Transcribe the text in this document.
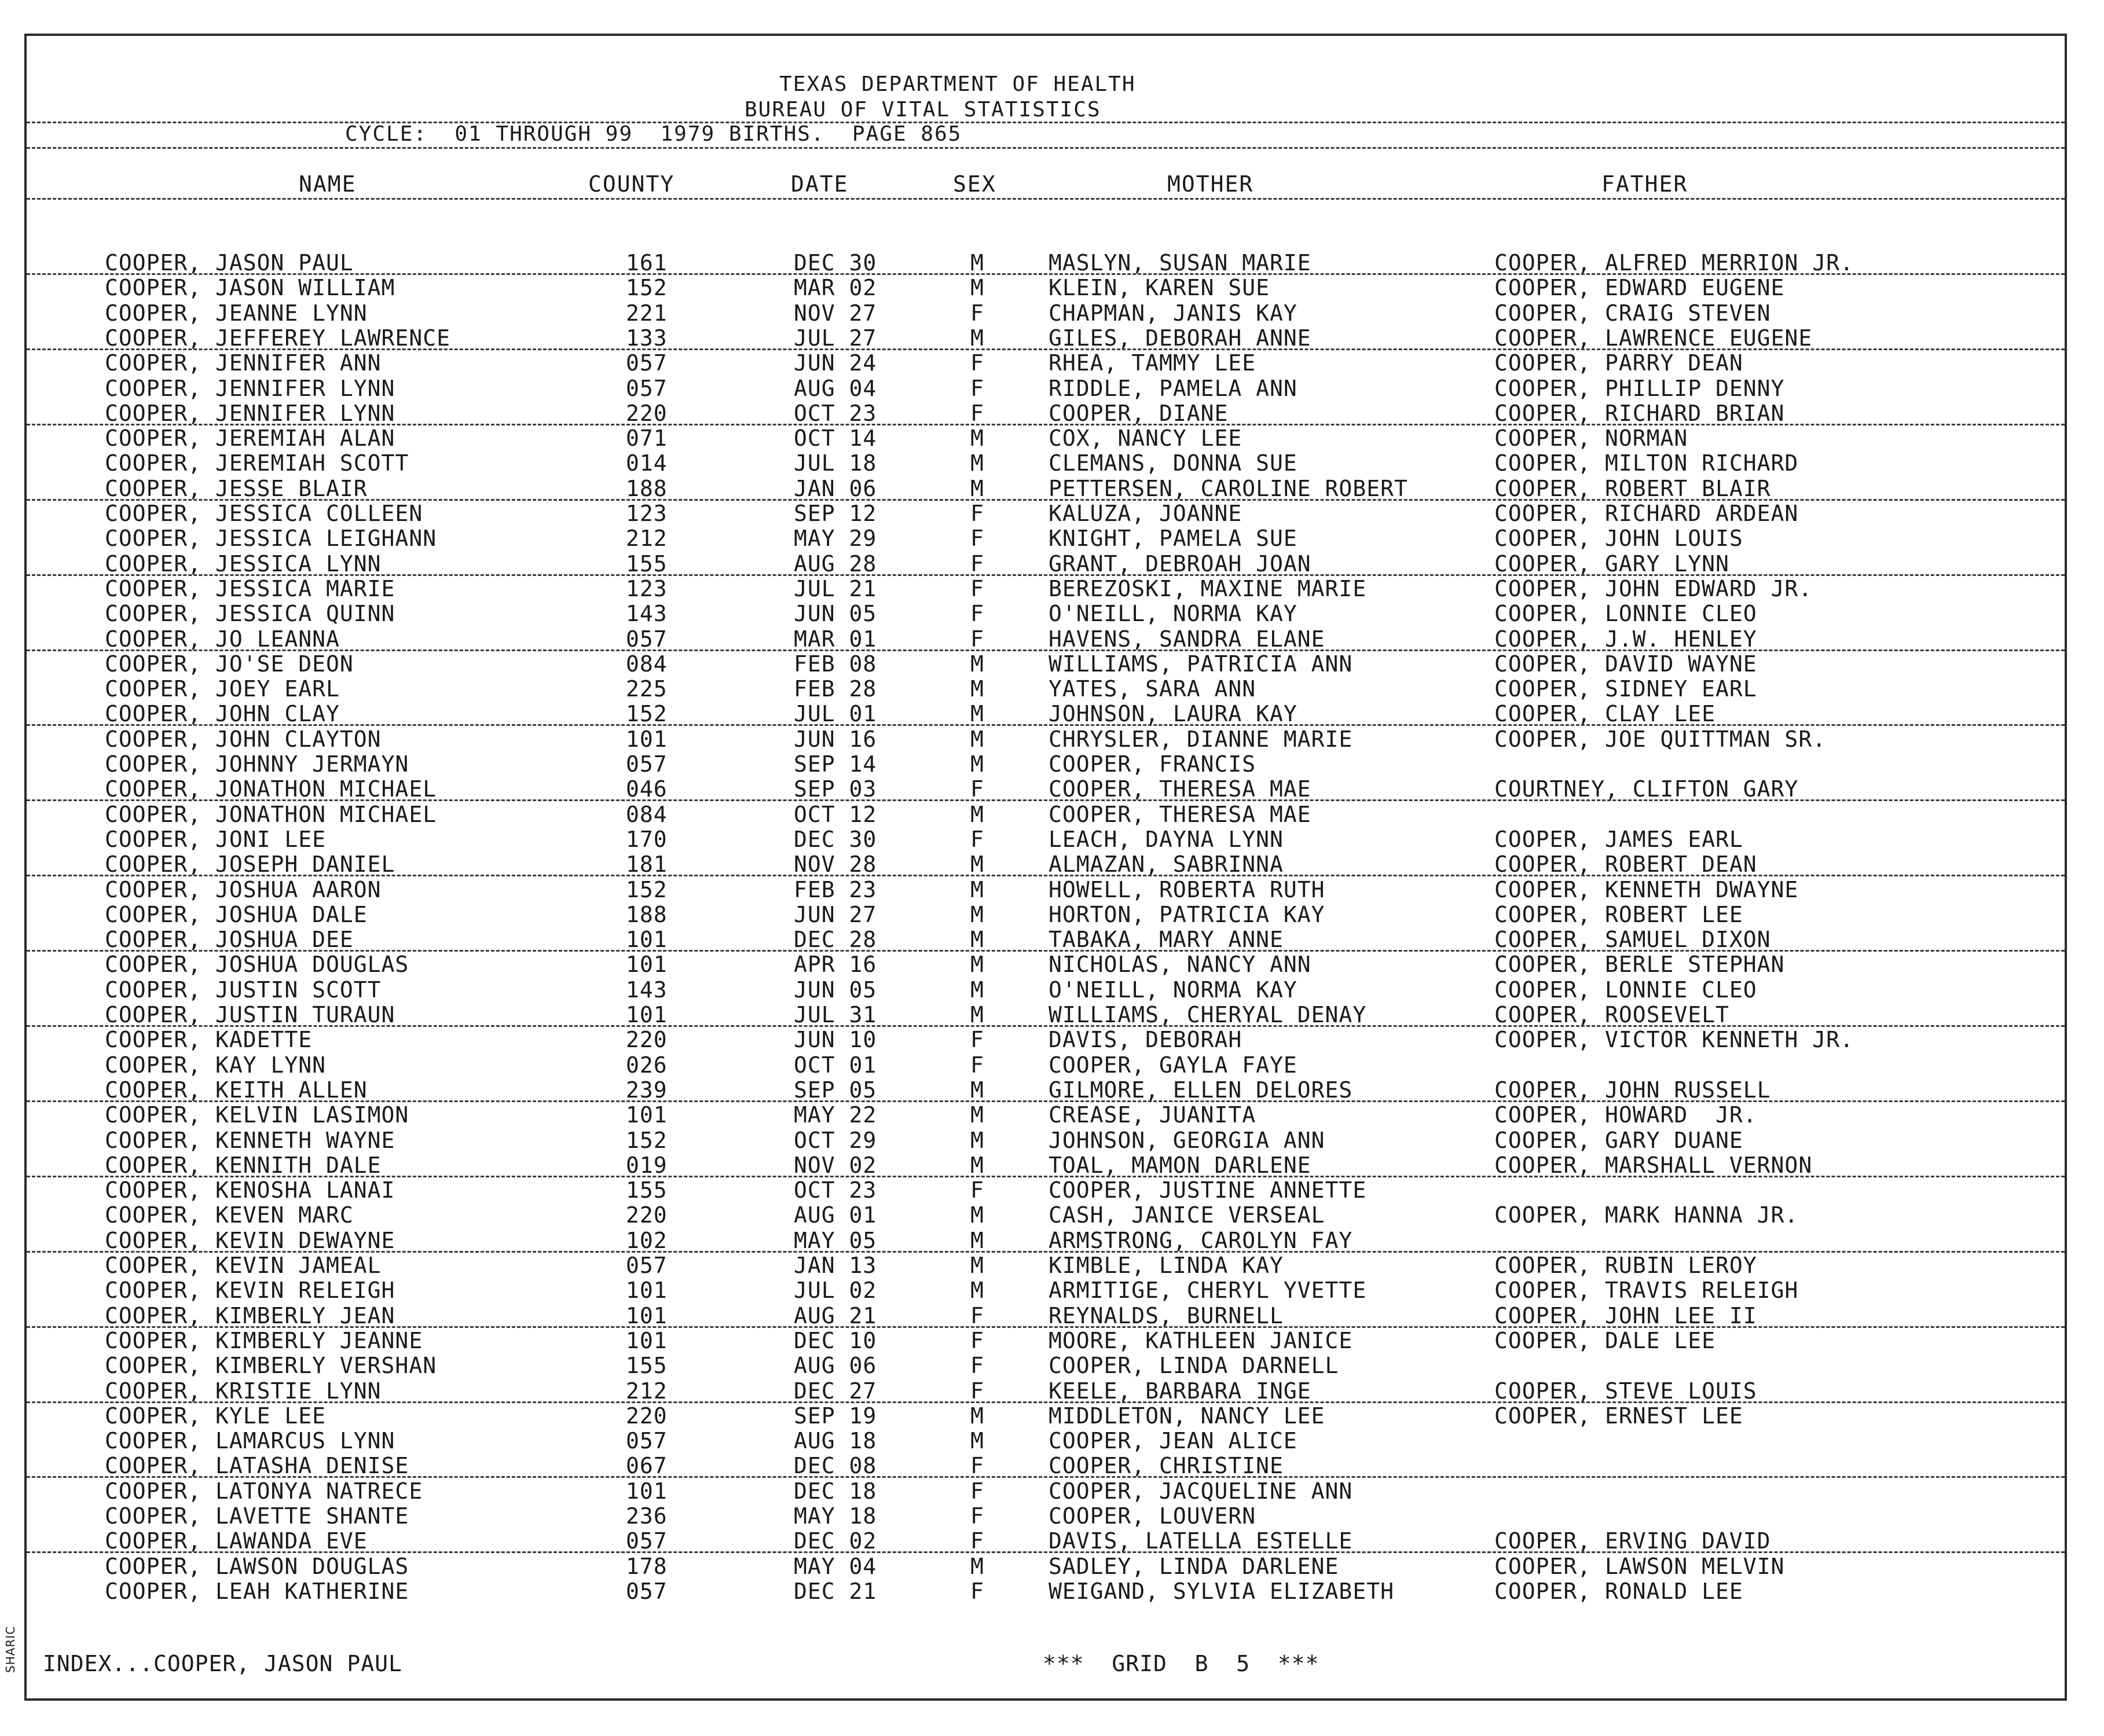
TEXAS DEPARTMENT OF HEALTH
BUREAU OF VITAL STATISTICS
CYCLE:  01 THROUGH 99  1979 BIRTHS.  PAGE 865
NAME	COUNTY	DATE	SEX	MOTHER	FATHER
COOPER, JASON PAUL	161	DEC 30	M	MASLYN, SUSAN MARIE	COOPER, ALFRED MERRION JR.
COOPER, JASON WILLIAM	152	MAR 02	M	KLEIN, KAREN SUE	COOPER, EDWARD EUGENE
COOPER, JEANNE LYNN	221	NOV 27	F	CHAPMAN, JANIS KAY	COOPER, CRAIG STEVEN
COOPER, JEFFEREY LAWRENCE	133	JUL 27	M	GILES, DEBORAH ANNE	COOPER, LAWRENCE EUGENE
COOPER, JENNIFER ANN	057	JUN 24	F	RHEA, TAMMY LEE	COOPER, PARRY DEAN
COOPER, JENNIFER LYNN	057	AUG 04	F	RIDDLE, PAMELA ANN	COOPER, PHILLIP DENNY
COOPER, JENNIFER LYNN	220	OCT 23	F	COOPER, DIANE	COOPER, RICHARD BRIAN
COOPER, JEREMIAH ALAN	071	OCT 14	M	COX, NANCY LEE	COOPER, NORMAN
COOPER, JEREMIAH SCOTT	014	JUL 18	M	CLEMANS, DONNA SUE	COOPER, MILTON RICHARD
COOPER, JESSE BLAIR	188	JAN 06	M	PETTERSEN, CAROLINE ROBERT	COOPER, ROBERT BLAIR
COOPER, JESSICA COLLEEN	123	SEP 12	F	KALUZA, JOANNE	COOPER, RICHARD ARDEAN
COOPER, JESSICA LEIGHANN	212	MAY 29	F	KNIGHT, PAMELA SUE	COOPER, JOHN LOUIS
COOPER, JESSICA LYNN	155	AUG 28	F	GRANT, DEBROAH JOAN	COOPER, GARY LYNN
COOPER, JESSICA MARIE	123	JUL 21	F	BEREZOSKI, MAXINE MARIE	COOPER, JOHN EDWARD JR.
COOPER, JESSICA QUINN	143	JUN 05	F	O'NEILL, NORMA KAY	COOPER, LONNIE CLEO
COOPER, JO LEANNA	057	MAR 01	F	HAVENS, SANDRA ELANE	COOPER, J.W. HENLEY
COOPER, JO'SE DEON	084	FEB 08	M	WILLIAMS, PATRICIA ANN	COOPER, DAVID WAYNE
COOPER, JOEY EARL	225	FEB 28	M	YATES, SARA ANN	COOPER, SIDNEY EARL
COOPER, JOHN CLAY	152	JUL 01	M	JOHNSON, LAURA KAY	COOPER, CLAY LEE
COOPER, JOHN CLAYTON	101	JUN 16	M	CHRYSLER, DIANNE MARIE	COOPER, JOE QUITTMAN SR.
COOPER, JOHNNY JERMAYN	057	SEP 14	M	COOPER, FRANCIS
COOPER, JONATHON MICHAEL	046	SEP 03	F	COOPER, THERESA MAE	COURTNEY, CLIFTON GARY
COOPER, JONATHON MICHAEL	084	OCT 12	M	COOPER, THERESA MAE
COOPER, JONI LEE	170	DEC 30	F	LEACH, DAYNA LYNN	COOPER, JAMES EARL
COOPER, JOSEPH DANIEL	181	NOV 28	M	ALMAZAN, SABRINNA	COOPER, ROBERT DEAN
COOPER, JOSHUA AARON	152	FEB 23	M	HOWELL, ROBERTA RUTH	COOPER, KENNETH DWAYNE
COOPER, JOSHUA DALE	188	JUN 27	M	HORTON, PATRICIA KAY	COOPER, ROBERT LEE
COOPER, JOSHUA DEE	101	DEC 28	M	TABAKA, MARY ANNE	COOPER, SAMUEL DIXON
COOPER, JOSHUA DOUGLAS	101	APR 16	M	NICHOLAS, NANCY ANN	COOPER, BERLE STEPHAN
COOPER, JUSTIN SCOTT	143	JUN 05	M	O'NEILL, NORMA KAY	COOPER, LONNIE CLEO
COOPER, JUSTIN TURAUN	101	JUL 31	M	WILLIAMS, CHERYAL DENAY	COOPER, ROOSEVELT
COOPER, KADETTE	220	JUN 10	F	DAVIS, DEBORAH	COOPER, VICTOR KENNETH JR.
COOPER, KAY LYNN	026	OCT 01	F	COOPER, GAYLA FAYE
COOPER, KEITH ALLEN	239	SEP 05	M	GILMORE, ELLEN DELORES	COOPER, JOHN RUSSELL
COOPER, KELVIN LASIMON	101	MAY 22	M	CREASE, JUANITA	COOPER, HOWARD  JR.
COOPER, KENNETH WAYNE	152	OCT 29	M	JOHNSON, GEORGIA ANN	COOPER, GARY DUANE
COOPER, KENNITH DALE	019	NOV 02	M	TOAL, MAMON DARLENE	COOPER, MARSHALL VERNON
COOPER, KENOSHA LANAI	155	OCT 23	F	COOPER, JUSTINE ANNETTE
COOPER, KEVEN MARC	220	AUG 01	M	CASH, JANICE VERSEAL	COOPER, MARK HANNA JR.
COOPER, KEVIN DEWAYNE	102	MAY 05	M	ARMSTRONG, CAROLYN FAY
COOPER, KEVIN JAMEAL	057	JAN 13	M	KIMBLE, LINDA KAY	COOPER, RUBIN LEROY
COOPER, KEVIN RELEIGH	101	JUL 02	M	ARMITIGE, CHERYL YVETTE	COOPER, TRAVIS RELEIGH
COOPER, KIMBERLY JEAN	101	AUG 21	F	REYNALDS, BURNELL	COOPER, JOHN LEE II
COOPER, KIMBERLY JEANNE	101	DEC 10	F	MOORE, KATHLEEN JANICE	COOPER, DALE LEE
COOPER, KIMBERLY VERSHAN	155	AUG 06	F	COOPER, LINDA DARNELL
COOPER, KRISTIE LYNN	212	DEC 27	F	KEELE, BARBARA INGE	COOPER, STEVE LOUIS
COOPER, KYLE LEE	220	SEP 19	M	MIDDLETON, NANCY LEE	COOPER, ERNEST LEE
COOPER, LAMARCUS LYNN	057	AUG 18	M	COOPER, JEAN ALICE
COOPER, LATASHA DENISE	067	DEC 08	F	COOPER, CHRISTINE
COOPER, LATONYA NATRECE	101	DEC 18	F	COOPER, JACQUELINE ANN
COOPER, LAVETTE SHANTE	236	MAY 18	F	COOPER, LOUVERN
COOPER, LAWANDA EVE	057	DEC 02	F	DAVIS, LATELLA ESTELLE	COOPER, ERVING DAVID
COOPER, LAWSON DOUGLAS	178	MAY 04	M	SADLEY, LINDA DARLENE	COOPER, LAWSON MELVIN
COOPER, LEAH KATHERINE	057	DEC 21	F	WEIGAND, SYLVIA ELIZABETH	COOPER, RONALD LEE
INDEX...COOPER, JASON PAUL	***  GRID  B  5  ***
SHARIC
